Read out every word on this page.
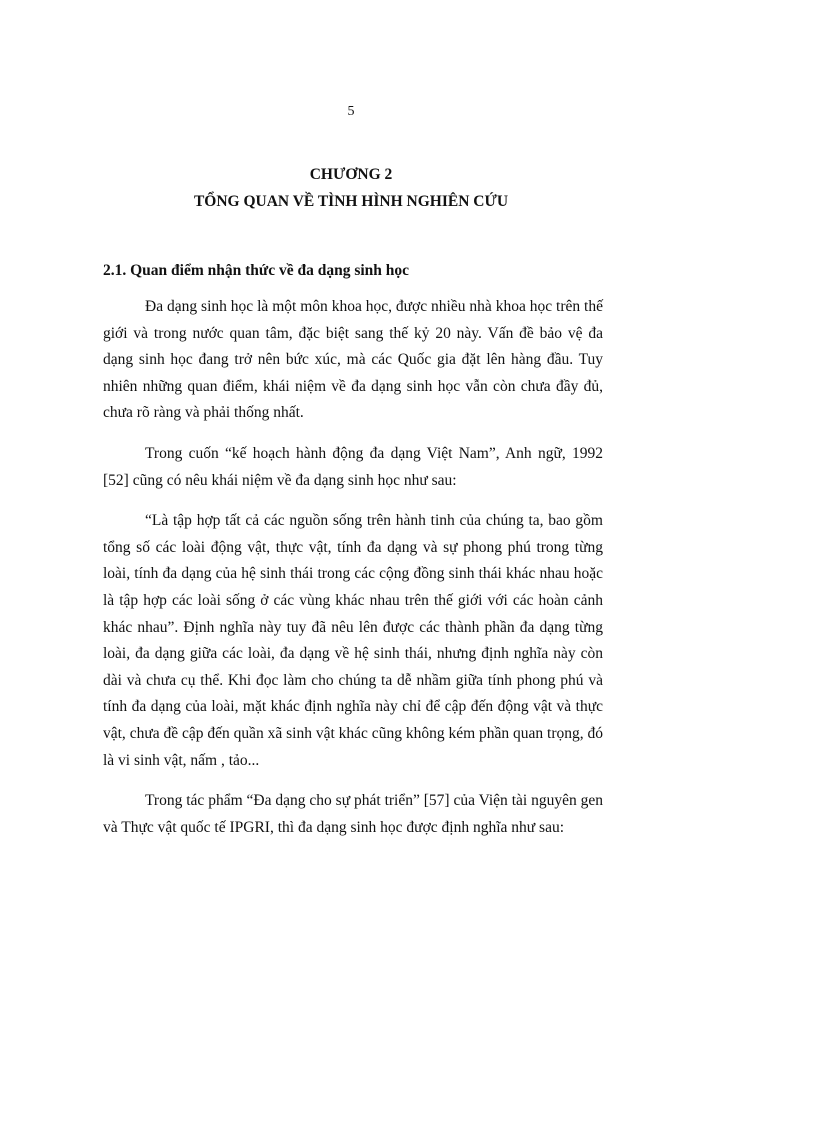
5
CHƯƠNG 2
TỔNG QUAN VỀ TÌNH HÌNH NGHIÊN CỨU
2.1. Quan điểm nhận thức về đa dạng sinh học

Đa dạng sinh học là một môn khoa học, được nhiều nhà khoa học trên thế giới và trong nước quan tâm, đặc biệt sang thế kỷ 20 này. Vấn đề bảo vệ đa dạng sinh học đang trở nên bức xúc, mà các Quốc gia đặt lên hàng đầu. Tuy nhiên những quan điểm, khái niệm về đa dạng sinh học vẫn còn chưa đầy đủ, chưa rõ ràng và phải thống nhất.

Trong cuốn “kế hoạch hành động đa dạng Việt Nam”, Anh ngữ, 1992 [52] cũng có nêu khái niệm về đa dạng sinh học như sau:

“Là tập hợp tất cả các nguồn sống trên hành tinh của chúng ta, bao gồm tổng số các loài động vật, thực vật, tính đa dạng và sự phong phú trong từng loài, tính đa dạng của hệ sinh thái trong các cộng đồng sinh thái khác nhau hoặc là tập hợp các loài sống ở các vùng khác nhau trên thế giới với các hoàn cảnh khác nhau”. Định nghĩa này tuy đã nêu lên được các thành phần đa dạng từng loài, đa dạng giữa các loài, đa dạng về hệ sinh thái, nhưng định nghĩa này còn dài và chưa cụ thể. Khi đọc làm cho chúng ta dễ nhầm giữa tính phong phú và tính đa dạng của loài, mặt khác định nghĩa này chỉ để cập đến động vật và thực vật, chưa đề cập đến quần xã sinh vật khác cũng không kém phần quan trọng, đó là vi sinh vật, nấm , tảo...

Trong tác phẩm “Đa dạng cho sự phát triển” [57] của Viện tài nguyên gen và Thực vật quốc tế IPGRI, thì đa dạng sinh học được định nghĩa như sau:
